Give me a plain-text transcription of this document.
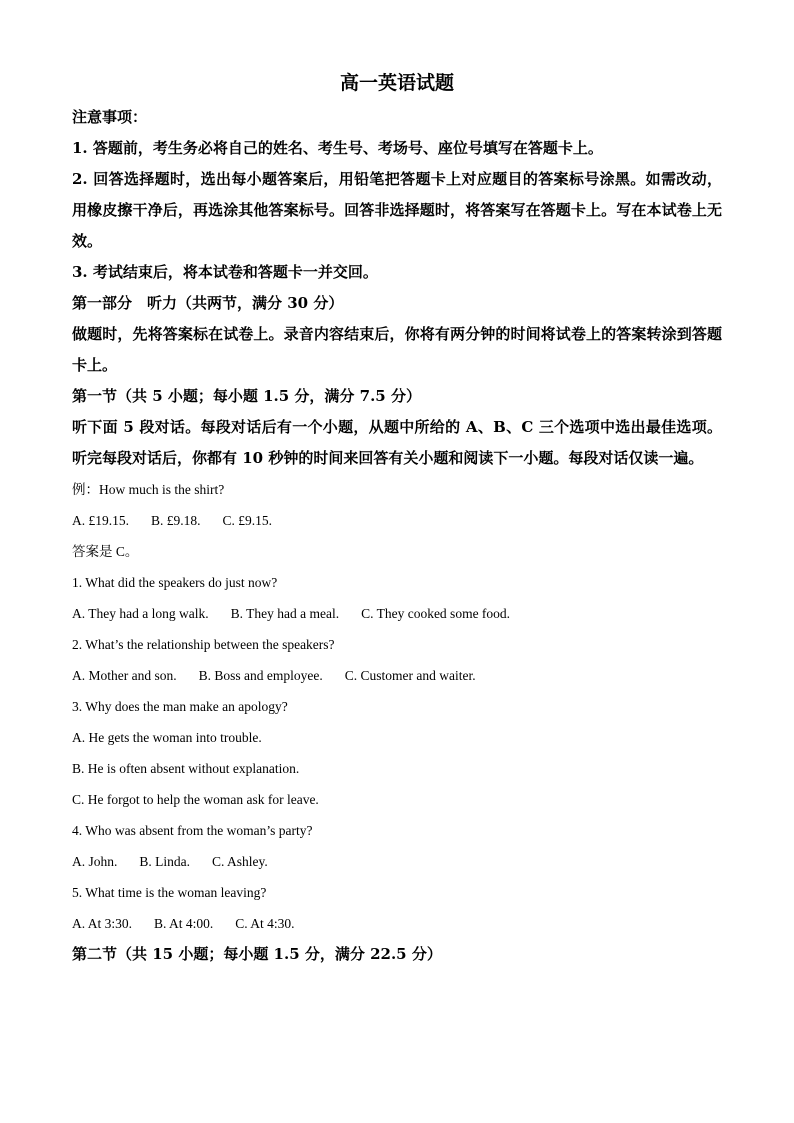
高一英语试题

注意事项：

1. 答题前，考生务必将自己的姓名、考生号、考场号、座位号填写在答题卡上。

2. 回答选择题时，选出每小题答案后，用铅笔把答题卡上对应题目的答案标号涂黑。如需改动，用橡皮擦干净后，再选涂其他答案标号。回答非选择题时，将答案写在答题卡上。写在本试卷上无效。

3. 考试结束后，将本试卷和答题卡一并交回。

第一部分　听力（共两节，满分 30 分）

做题时，先将答案标在试卷上。录音内容结束后，你将有两分钟的时间将试卷上的答案转涂到答题卡上。

第一节（共 5 小题；每小题 1.5 分，满分 7.5 分）

听下面 5 段对话。每段对话后有一个小题，从题中所给的 A、B、C 三个选项中选出最佳选项。听完每段对话后，你都有 10 秒钟的时间来回答有关小题和阅读下一小题。每段对话仅读一遍。

例：How much is the shirt?

A. £19.15. B. £9.18. C. £9.15.

答案是 C。

1. What did the speakers do just now?

A. They had a long walk. B. They had a meal. C. They cooked some food.

2. What’s the relationship between the speakers?

A. Mother and son. B. Boss and employee. C. Customer and waiter.

3. Why does the man make an apology?

A. He gets the woman into trouble.

B. He is often absent without explanation.

C. He forgot to help the woman ask for leave.

4. Who was absent from the woman’s party?

A. John. B. Linda. C. Ashley.

5. What time is the woman leaving?

A. At 3:30. B. At 4:00. C. At 4:30.

第二节（共 15 小题；每小题 1.5 分，满分 22.5 分）
